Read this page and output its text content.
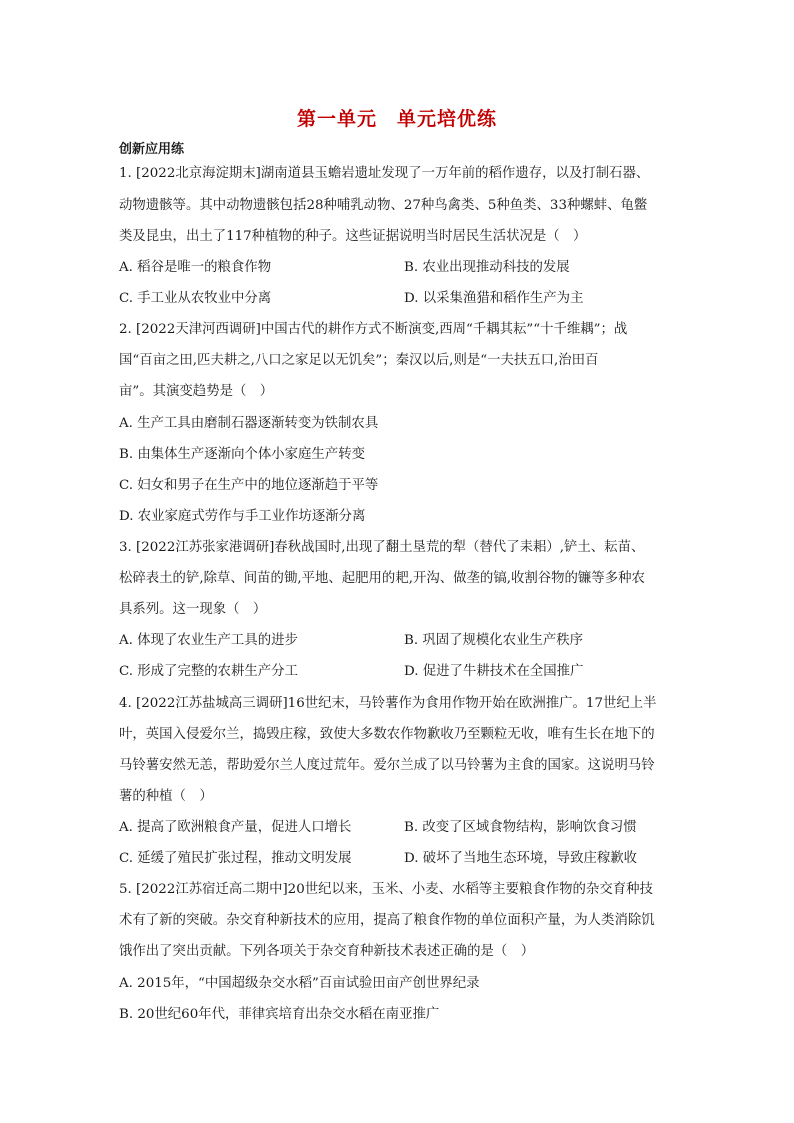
第一单元　单元培优练
创新应用练
1. [2022北京海淀期末]湖南道县玉蟾岩遗址发现了一万年前的稻作遗存，以及打制石器、
动物遗骸等。其中动物遗骸包括28种哺乳动物、27种鸟禽类、5种鱼类、33种螺蚌、龟鳖
类及昆虫，出土了117种植物的种子。这些证据说明当时居民生活状况是（　）
A. 稻谷是唯一的粮食作物	B. 农业出现推动科技的发展
C. 手工业从农牧业中分离	D. 以采集渔猎和稻作生产为主
2. [2022天津河西调研]中国古代的耕作方式不断演变,西周“千耦其耘”“十千维耦”；战
国“百亩之田,匹夫耕之,八口之家足以无饥矣”；秦汉以后,则是“一夫扶五口,治田百
亩”。其演变趋势是（　）
A. 生产工具由磨制石器逐渐转变为铁制农具
B. 由集体生产逐渐向个体小家庭生产转变
C. 妇女和男子在生产中的地位逐渐趋于平等
D. 农业家庭式劳作与手工业作坊逐渐分离
3. [2022江苏张家港调研]春秋战国时,出现了翻土垦荒的犁（替代了耒耜）,铲土、耘苗、
松碎表土的铲,除草、间苗的锄,平地、起肥用的耙,开沟、做垄的镐,收割谷物的镰等多种农
具系列。这一现象（　）
A. 体现了农业生产工具的进步	B. 巩固了规模化农业生产秩序
C. 形成了完整的农耕生产分工	D. 促进了牛耕技术在全国推广
4. [2022江苏盐城高三调研]16世纪末，马铃薯作为食用作物开始在欧洲推广。17世纪上半
叶，英国入侵爱尔兰，捣毁庄稼，致使大多数农作物歉收乃至颗粒无收，唯有生长在地下的
马铃薯安然无恙，帮助爱尔兰人度过荒年。爱尔兰成了以马铃薯为主食的国家。这说明马铃
薯的种植（　）
A. 提高了欧洲粮食产量，促进人口增长	B. 改变了区域食物结构，影响饮食习惯
C. 延缓了殖民扩张过程，推动文明发展	D. 破坏了当地生态环境，导致庄稼歉收
5. [2022江苏宿迁高二期中]20世纪以来，玉米、小麦、水稻等主要粮食作物的杂交育种技
术有了新的突破。杂交育种新技术的应用，提高了粮食作物的单位面积产量，为人类消除饥
饿作出了突出贡献。下列各项关于杂交育种新技术表述正确的是（　）
A. 2015年，“中国超级杂交水稻”百亩试验田亩产创世界纪录
B. 20世纪60年代，菲律宾培育出杂交水稻在南亚推广
